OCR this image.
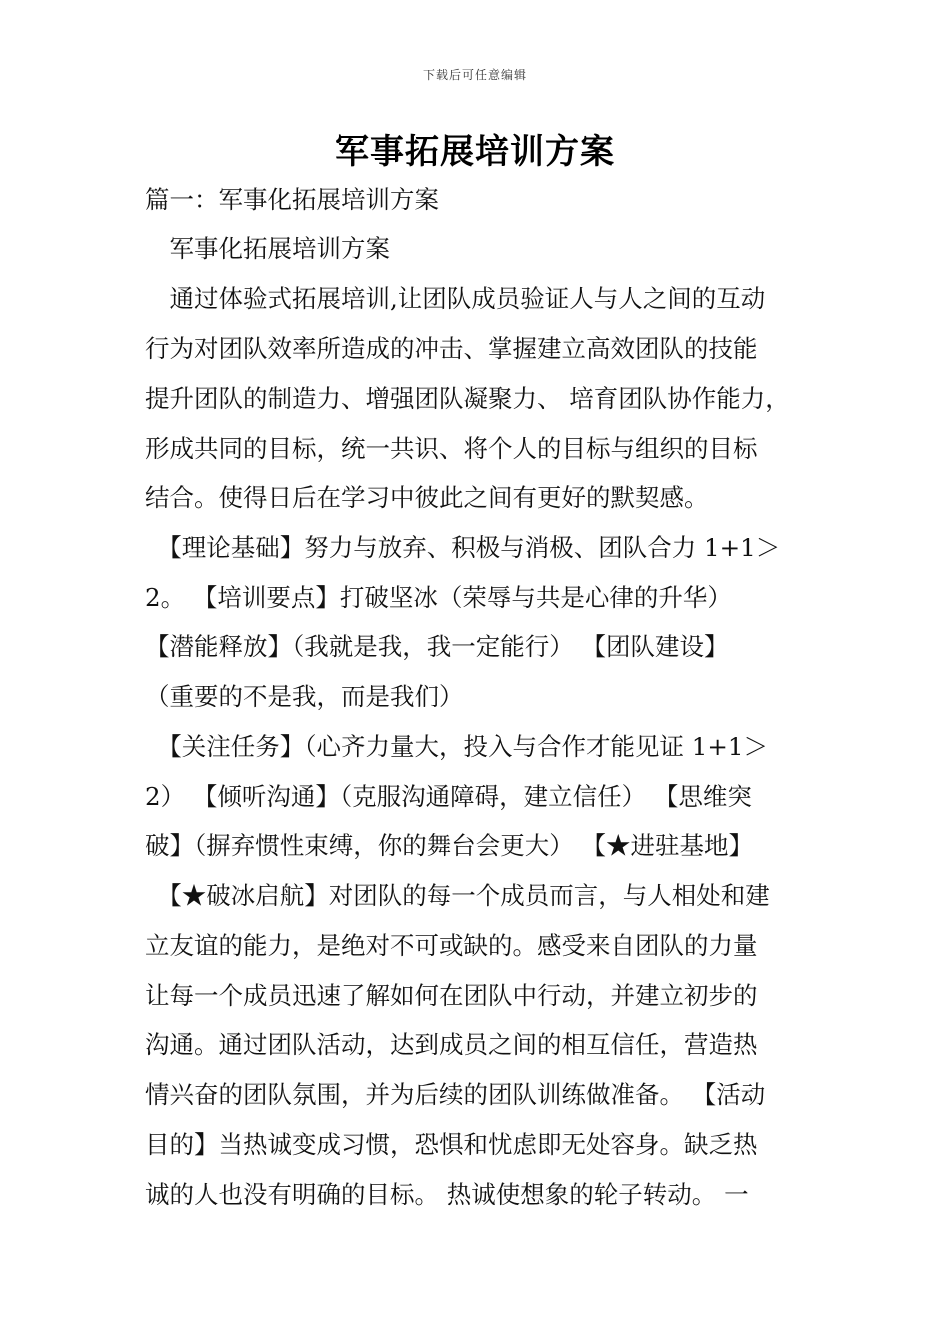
下载后可任意编辑
军事拓展培训方案
篇一：军事化拓展培训方案
　军事化拓展培训方案
　通过体验式拓展培训,让团队成员验证人与人之间的互动
行为对团队效率所造成的冲击、掌握建立高效团队的技能
提升团队的制造力、增强团队凝聚力、 培育团队协作能力，
形成共同的目标，统一共识、将个人的目标与组织的目标
结合。使得日后在学习中彼此之间有更好的默契感。
　【理论基础】努力与放弃、积极与消极、团队合力 1+1＞
2。 【培训要点】打破坚冰（荣辱与共是心律的升华）
【潜能释放】（我就是我，我一定能行） 【团队建设】
（重要的不是我，而是我们）
　【关注任务】（心齐力量大，投入与合作才能见证 1+1＞
2） 【倾听沟通】（克服沟通障碍，建立信任） 【思维突
破】（摒弃惯性束缚，你的舞台会更大） 【★进驻基地】
　【★破冰启航】对团队的每一个成员而言，与人相处和建
立友谊的能力，是绝对不可或缺的。感受来自团队的力量
让每一个成员迅速了解如何在团队中行动，并建立初步的
沟通。通过团队活动，达到成员之间的相互信任，营造热
情兴奋的团队氛围，并为后续的团队训练做准备。 【活动
目的】当热诚变成习惯，恐惧和忧虑即无处容身。缺乏热
诚的人也没有明确的目标。 热诚使想象的轮子转动。 一
